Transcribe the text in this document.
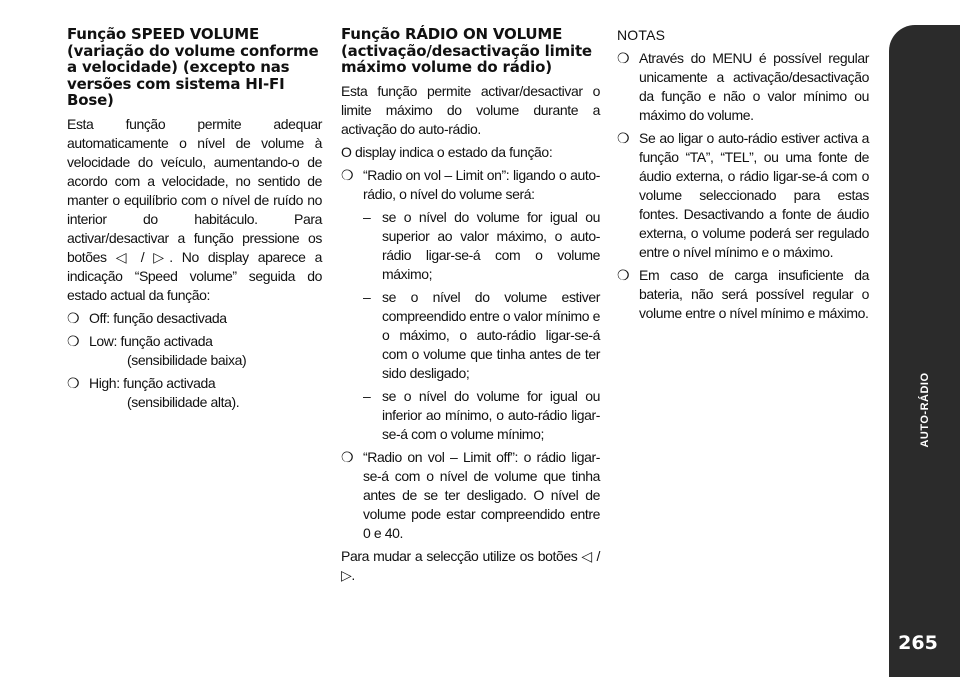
Função SPEED VOLUME (variação do volume conforme a velocidade) (excepto nas versões com sistema HI-FI Bose)

Esta função permite adequar automaticamente o nível de volume à velocidade do veículo, aumentando-o de acordo com a velocidade, no sentido de manter o equilíbrio com o nível de ruído no interior do habitáculo. Para activar/desactivar a função pressione os botões ◁ / ▷. No display aparece a indicação “Speed volume” seguida do estado actual da função:

❍ Off: função desactivada
❍ Low: função activada
(sensibilidade baixa)
❍ High: função activada
(sensibilidade alta).
Função RÁDIO ON VOLUME (activação/desactivação limite máximo volume do rádio)

Esta função permite activar/desactivar o limite máximo do volume durante a activação do auto-rádio.

O display indica o estado da função:

❍ “Radio on vol – Limit on”: ligando o auto-rádio, o nível do volume será:
– se o nível do volume for igual ou superior ao valor máximo, o auto-rádio ligar-se-á com o volume máximo;
– se o nível do volume estiver compreendido entre o valor mínimo e o máximo, o auto-rádio ligar-se-á com o volume que tinha antes de ter sido desligado;
– se o nível do volume for igual ou inferior ao mínimo, o auto-rádio ligar-se-á com o volume mínimo;
❍ “Radio on vol – Limit off”: o rádio ligar-se-á com o nível de volume que tinha antes de se ter desligado. O nível de volume pode estar compreendido entre 0 e 40.

Para mudar a selecção utilize os botões ◁ / ▷.

NOTAS
❍ Através do MENU é possível regular unicamente a activação/desactivação da função e não o valor mínimo ou máximo do volume.
❍ Se ao ligar o auto-rádio estiver activa a função “TA”, “TEL”, ou uma fonte de áudio externa, o rádio ligar-se-á com o volume seleccionado para estas fontes. Desactivando a fonte de áudio externa, o volume poderá ser regulado entre o nível mínimo e o máximo.
❍ Em caso de carga insuficiente da bateria, não será possível regular o volume entre o nível mínimo e máximo.
AUTO-RÁDIO
265
